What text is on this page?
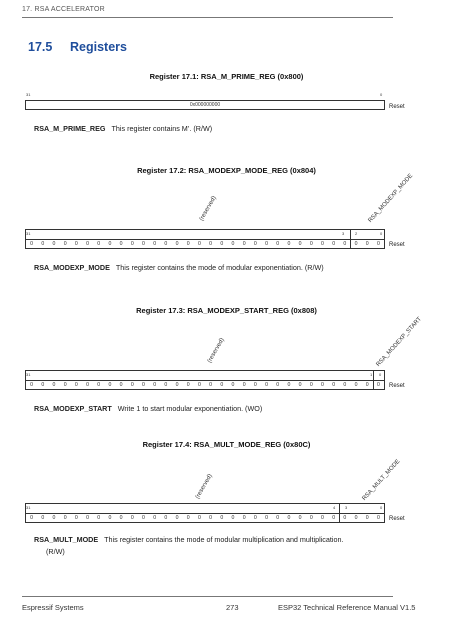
17. RSA ACCELERATOR
17.5 Registers
Register 17.1: RSA_M_PRIME_REG (0x800)
31	0
0x000000000	Reset
RSA_M_PRIME_REG This register contains M’. (R/W)
Register 17.2: RSA_MODEXP_MODE_REG (0x804)
(reserved)	RSA_MODEXP_MODE
31	3	2	0
0	0	0	0	0	0	0	0	0	0	0	0	0	0	0	0	0	0	0	0	0	0	0	0	0	0	0	0	0	0	0	0	Reset
RSA_MODEXP_MODE This register contains the mode of modular exponentiation. (R/W)
Register 17.3: RSA_MODEXP_START_REG (0x808)
(reserved)	RSA_MODEXP_START
31	1 0
0	0	0	0	0	0	0	0	0	0	0	0	0	0	0	0	0	0	0	0	0	0	0	0	0	0	0	0	0	0	0	0	Reset
RSA_MODEXP_START Write 1 to start modular exponentiation. (WO)
Register 17.4: RSA_MULT_MODE_REG (0x80C)
(reserved)	RSA_MULT_MODE
31	4 3	0
0	0	0	0	0	0	0	0	0	0	0	0	0	0	0	0	0	0	0	0	0	0	0	0	0	0	0	0	0	0	0	0	Reset
RSA_MULT_MODE This register contains the mode of modular multiplication and multiplication.
(R/W)
Espressif Systems	273	ESP32 Technical Reference Manual V1.5
